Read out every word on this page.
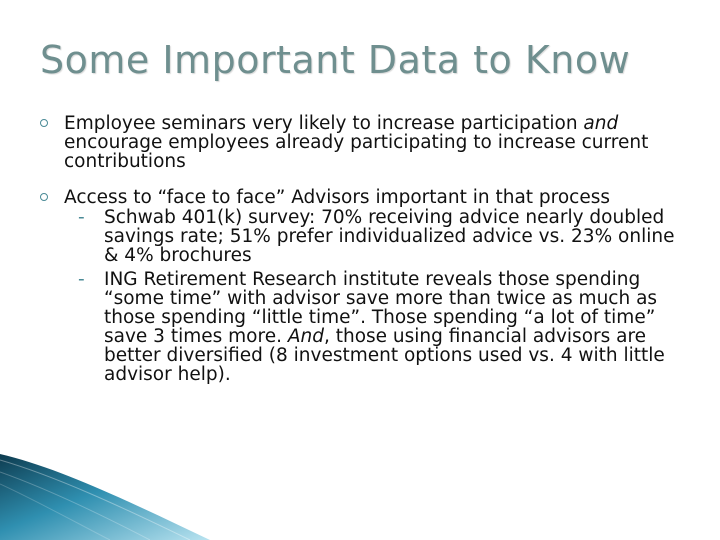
Some Important Data to Know
Employee seminars very likely to increase participation and encourage employees already participating to increase current contributions
Access to “face to face” Advisors important in that process
- Schwab 401(k) survey: 70% receiving advice nearly doubled savings rate; 51% prefer individualized advice vs. 23% online & 4% brochures
- ING Retirement Research institute reveals those spending “some time” with advisor save more than twice as much as those spending “little time”. Those spending “a lot of time” save 3 times more. And, those using financial advisors are better diversified (8 investment options used vs. 4 with little advisor help).
